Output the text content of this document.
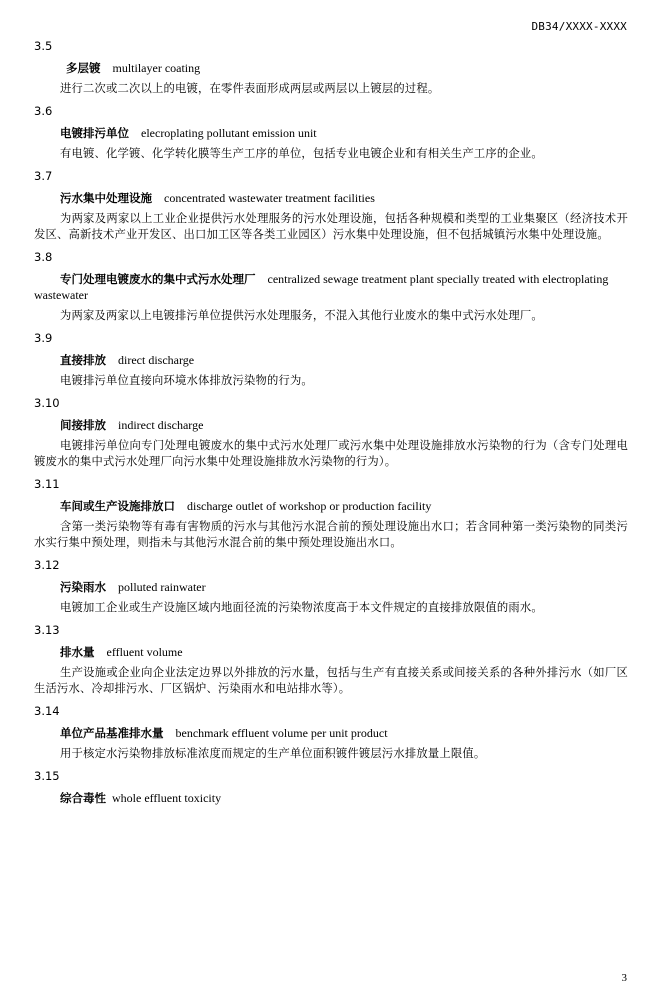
DB34/XXXX-XXXX
3.5
多层镀 multilayer coating
进行二次或二次以上的电镀，在零件表面形成两层或两层以上镀层的过程。
3.6
电镀排污单位 elecroplating pollutant emission unit
有电镀、化学镀、化学转化膜等生产工序的单位，包括专业电镀企业和有相关生产工序的企业。
3.7
污水集中处理设施 concentrated wastewater treatment facilities
为两家及两家以上工业企业提供污水处理服务的污水处理设施，包括各种规模和类型的工业集聚区（经济技术开发区、高新技术产业开发区、出口加工区等各类工业园区）污水集中处理设施，但不包括城镇污水集中处理设施。
3.8
专门处理电镀废水的集中式污水处理厂 centralized sewage treatment plant specially treated with electroplating wastewater
为两家及两家以上电镀排污单位提供污水处理服务，不混入其他行业废水的集中式污水处理厂。
3.9
直接排放 direct discharge
电镀排污单位直接向环境水体排放污染物的行为。
3.10
间接排放 indirect discharge
电镀排污单位向专门处理电镀废水的集中式污水处理厂或污水集中处理设施排放水污染物的行为（含专门处理电镀废水的集中式污水处理厂向污水集中处理设施排放水污染物的行为）。
3.11
车间或生产设施排放口 discharge outlet of workshop or production facility
含第一类污染物等有毒有害物质的污水与其他污水混合前的预处理设施出水口；若含同种第一类污染物的同类污水实行集中预处理，则指未与其他污水混合前的集中预处理设施出水口。
3.12
污染雨水 polluted rainwater
电镀加工企业或生产设施区域内地面径流的污染物浓度高于本文件规定的直接排放限值的雨水。
3.13
排水量 effluent volume
生产设施或企业向企业法定边界以外排放的污水量，包括与生产有直接关系或间接关系的各种外排污水（如厂区生活污水、冷却排污水、厂区锅炉、污染雨水和电站排水等）。
3.14
单位产品基准排水量 benchmark effluent volume per unit product
用于核定水污染物排放标准浓度而规定的生产单位面积镀件镀层污水排放量上限值。
3.15
综合毒性 whole effluent toxicity
3
